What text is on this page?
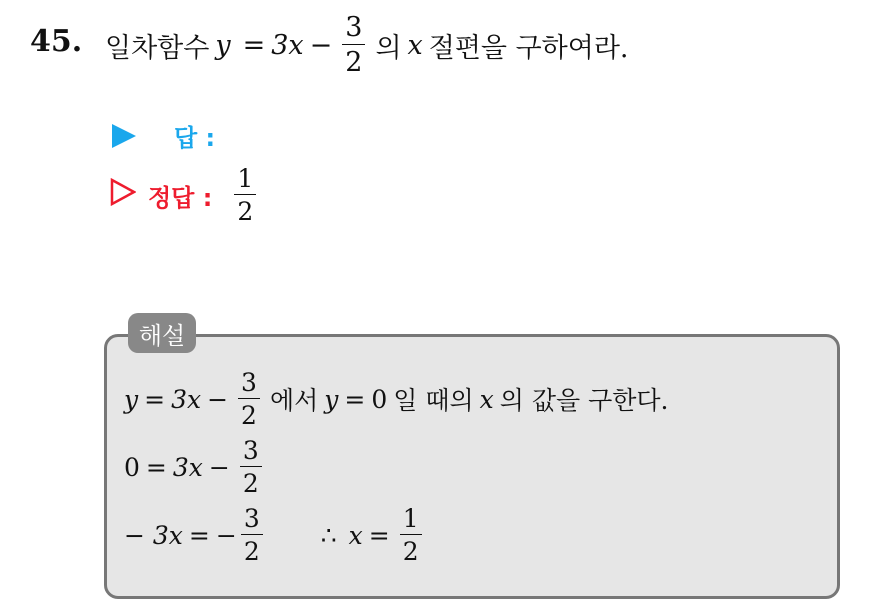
45. 일차함수 $y = 3x - \frac{3}{2}$ 의 x 절편을 구하여라.
답 :
정답 : $\frac{1}{2}$
해설
$y = 3x - \frac{3}{2}$ 에서 y = 0 일 때의 x 의 값을 구한다.
$0 = 3x - \frac{3}{2}$
− 3x = − $\frac{3}{2}$ ∴ $x = \frac{1}{2}$
